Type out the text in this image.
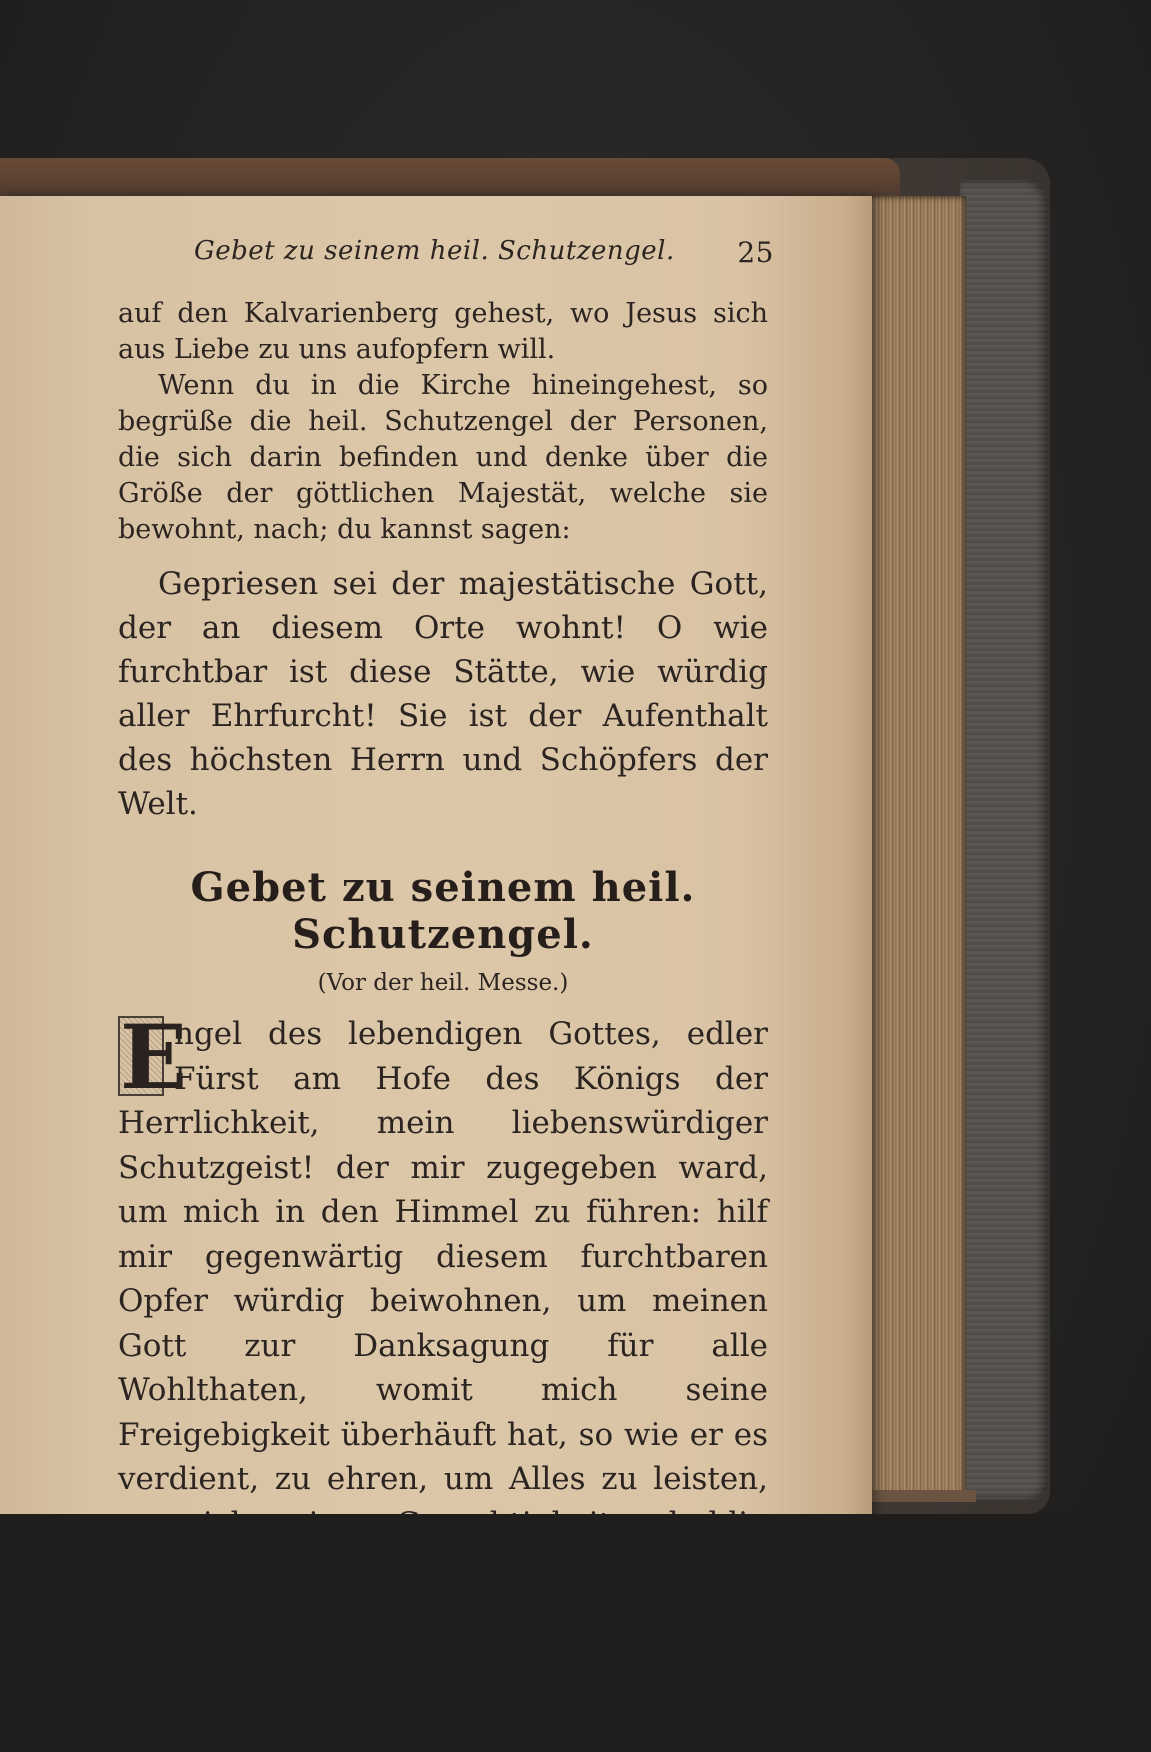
Gebet zu seinem heil. Schutzengel. 25

auf den Kalvarienberg gehest, wo Jesus sich aus Liebe zu uns aufopfern will.

Wenn du in die Kirche hineingehest, so begrüße die heil. Schutzengel der Personen, die sich darin befinden und denke über die Größe der göttlichen Majestät, welche sie bewohnt, nach; du kannst sagen:

Gepriesen sei der majestätische Gott, der an diesem Orte wohnt! O wie furchtbar ist diese Stätte, wie würdig aller Ehrfurcht! Sie ist der Aufenthalt des höchsten Herrn und Schöpfers der Welt.

Gebet zu seinem heil. Schutzengel.
(Vor der heil. Messe.)
E
ngel des lebendigen Gottes, edler Fürst am Hofe des Königs der Herrlichkeit, mein liebenswürdiger Schutzgeist! der mir zugegeben ward, um mich in den Himmel zu führen: hilf mir gegenwärtig diesem furchtbaren Opfer würdig beiwohnen, um meinen Gott zur Danksagung für alle Wohlthaten, womit mich seine Freigebigkeit überhäuft hat, so wie er es verdient, zu ehren, um Alles zu leisten,
